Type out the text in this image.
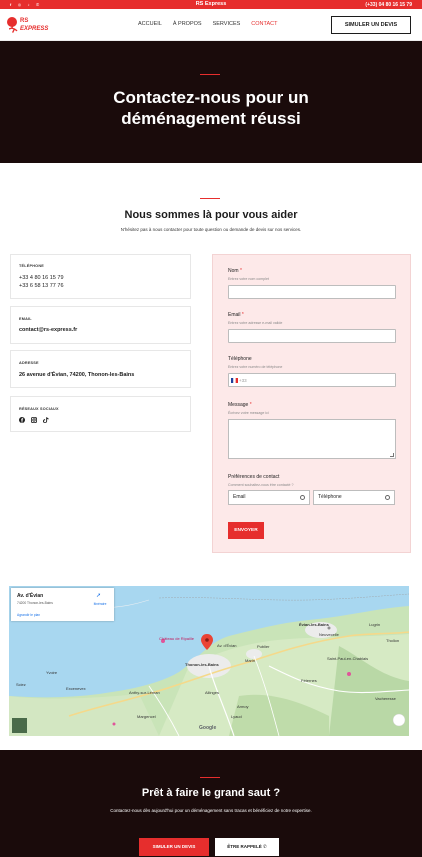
f	◎	♪	✆	RS Express	(+33) 04 80 16 15 79
RS
EXPRESS
ACCUEIL À PROPOS SERVICES CONTACT	SIMULER UN DEVIS
Contactez-nous pour un
déménagement réussi
Nous sommes là pour vous aider
N'hésitez pas à nous contacter pour toute question ou demande de devis sur nos services.
TÉLÉPHONE
+33 4 80 16 15 79
+33 6 58 13 77 76
EMAIL
contact@rs-express.fr
ADRESSE
26 avenue d'Évian, 74200, Thonon-les-Bains
RÉSEAUX SOCIAUX
Nom *
Entrez votre nom complet
Email *
Entrez votre adresse e-mail valide
Téléphone
Entrez votre numéro de téléphone
+33
Message *
Écrivez votre message ici
Préférences de contact
Comment souhaitez-vous être contacté ?
Email	Téléphone
ENVOYER
Château de Ripaille
Av. d'Évian
Thonon-les-Bains
Évian-les-Bains
Neuvecelle
Publier
Saint-Paul-en-Chablais
Marin
Lugrin
Thollon
Yvoire
Excenevex
Sciez
Allinges
Armoy
Féternes
Vacheresse
Lyaud
Margencel
Anthy-sur-Léman
Google
Av. d'Évian
74200 Thonon-les-Bains
Agrandir le plan
➚
Itinéraire
Prêt à faire le grand saut ?

Contactez-nous dès aujourd'hui pour un déménagement sans tracas et bénéficiez de notre expertise.

SIMULER UN DEVIS	ÊTRE RAPPELÉ ✆
